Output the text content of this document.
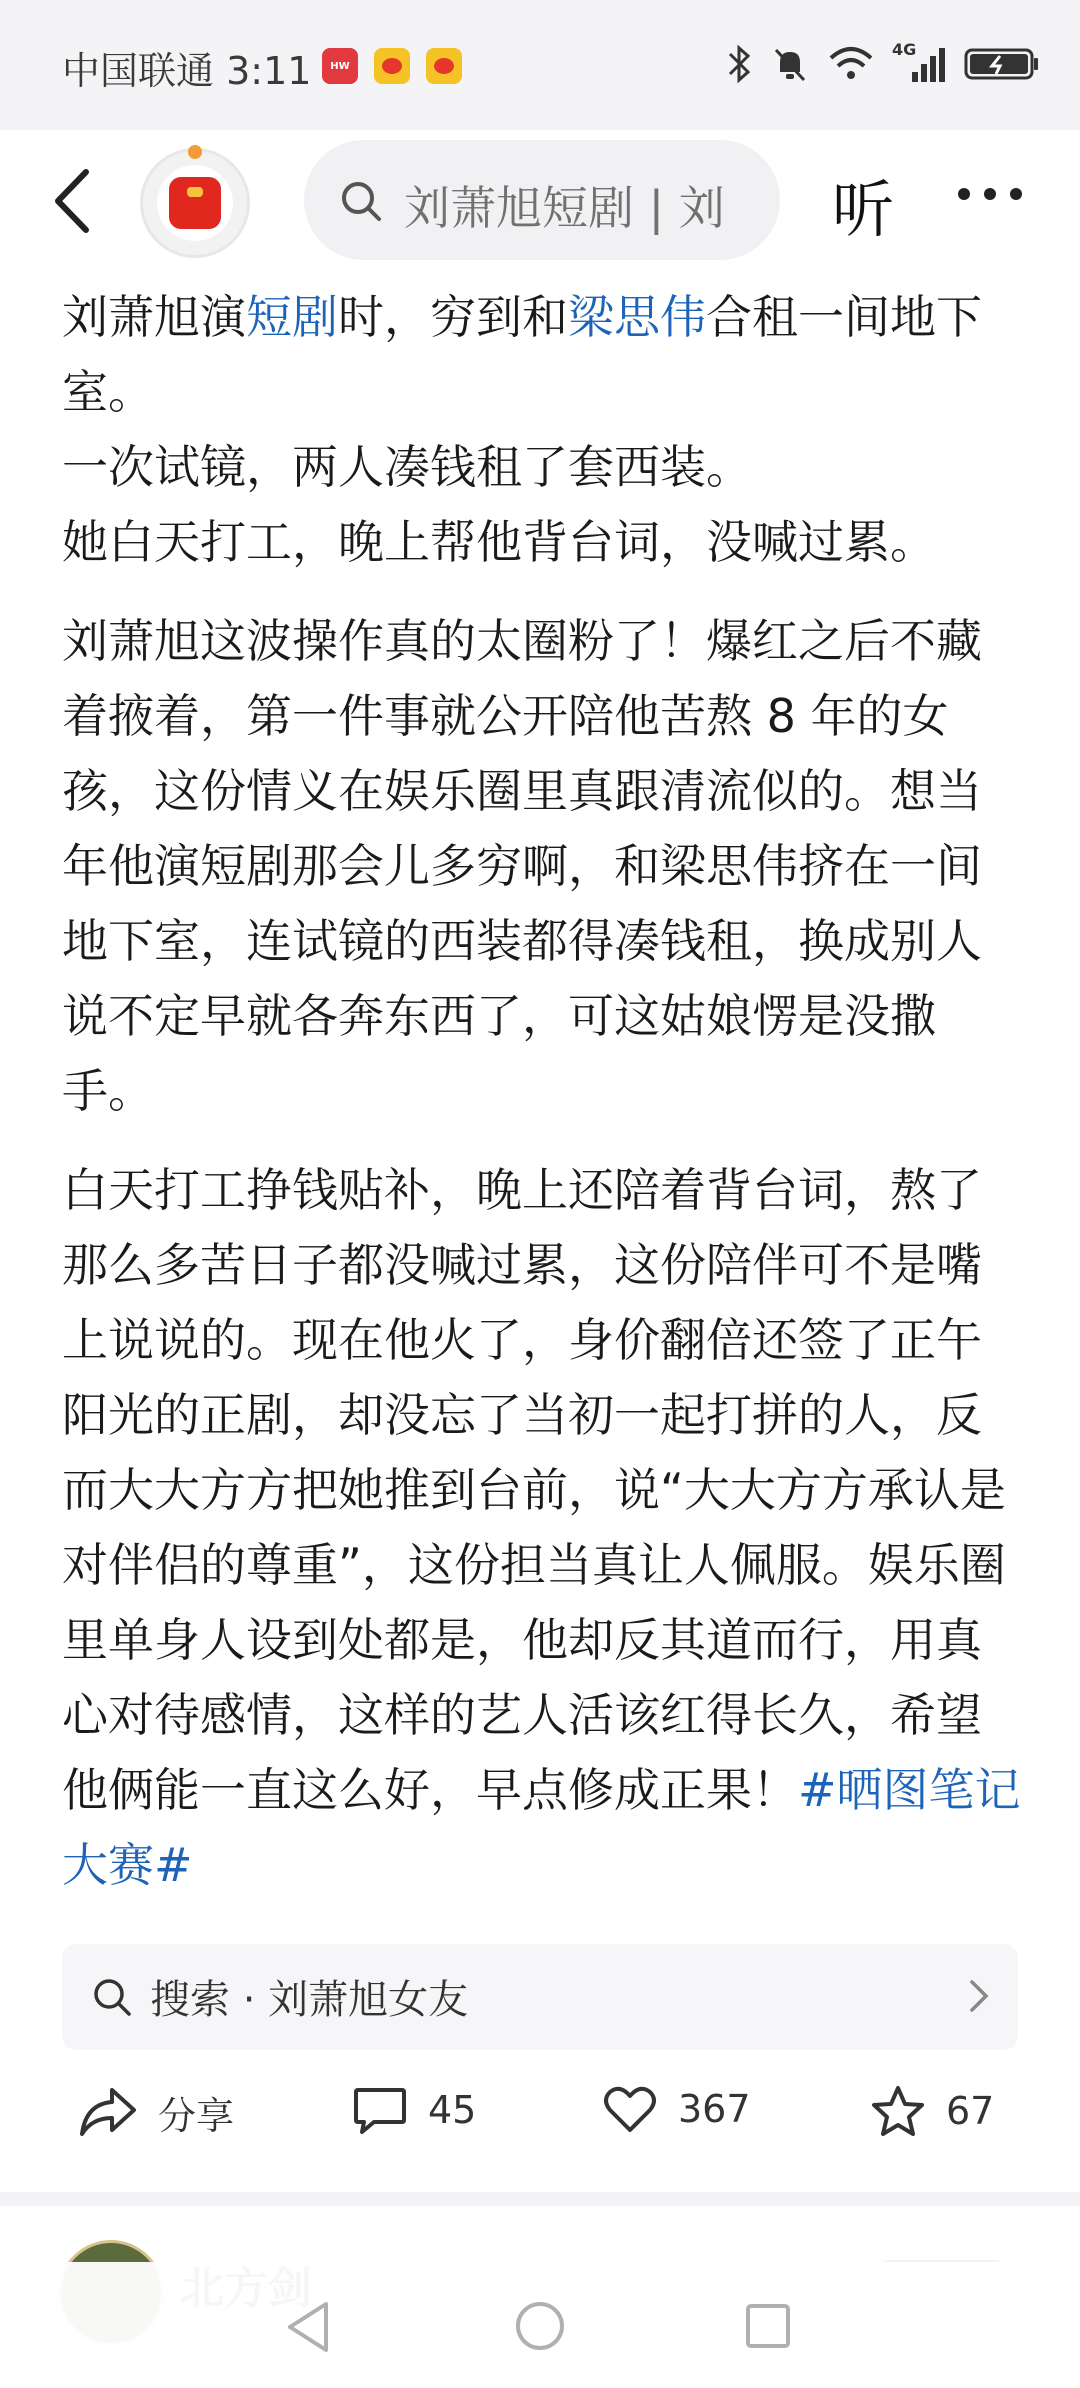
中国联通 3:11	HW
4G
刘萧旭短剧 | 刘 听

刘萧旭演短剧时，穷到和梁思伟合租一间地下室。

一次试镜，两人凑钱租了套西装。

她白天打工，晚上帮他背台词，没喊过累。

刘萧旭这波操作真的太圈粉了！爆红之后不藏着掖着，第一件事就公开陪他苦熬 8 年的女孩，这份情义在娱乐圈里真跟清流似的。想当年他演短剧那会儿多穷啊，和梁思伟挤在一间地下室，连试镜的西装都得凑钱租，换成别人说不定早就各奔东西了，可这姑娘愣是没撒手。

白天打工挣钱贴补，晚上还陪着背台词，熬了那么多苦日子都没喊过累，这份陪伴可不是嘴上说说的。现在他火了，身价翻倍还签了正午阳光的正剧，却没忘了当初一起打拼的人，反而大大方方把她推到台前，说“大大方方承认是对伴侣的尊重”，这份担当真让人佩服。娱乐圈里单身人设到处都是，他却反其道而行，用真心对待感情，这样的艺人活该红得长久，希望他俩能一直这么好，早点修成正果！#晒图笔记大赛#

搜索 · 刘萧旭女友
分享	45	367	67
